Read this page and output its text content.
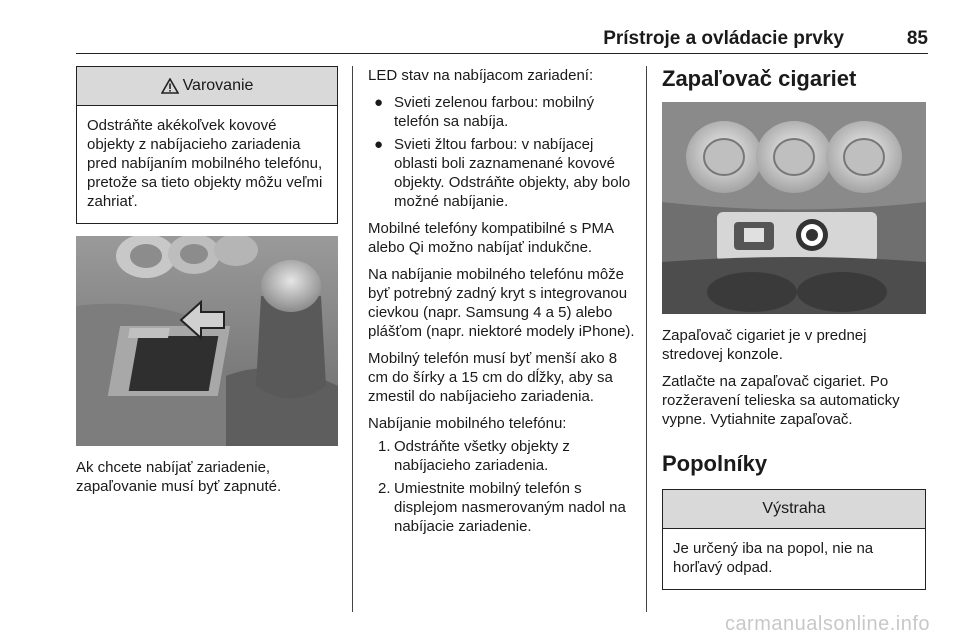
Prístroje a ovládacie prvky	85
Varovanie
Odstráňte akékoľvek kovové objekty z nabíjacieho zariadenia pred nabíjaním mobilného telefónu, pretože sa tieto objekty môžu veľmi zahriať.

Ak chcete nabíjať zariadenie, zapaľovanie musí byť zapnuté.

LED stav na nabíjacom zariadení:

● Svieti zelenou farbou: mobilný telefón sa nabíja.
● Svieti žltou farbou: v nabíjacej oblasti boli zaznamenané kovové objekty. Odstráňte objekty, aby bolo možné nabíjanie.

Mobilné telefóny kompatibilné s PMA alebo Qi možno nabíjať indukčne.

Na nabíjanie mobilného telefónu môže byť potrebný zadný kryt s integrovanou cievkou (napr. Samsung 4 a 5) alebo plášťom (napr. niektoré modely iPhone).

Mobilný telefón musí byť menší ako 8 cm do šírky a 15 cm do dĺžky, aby sa zmestil do nabíjacieho zariadenia.

Nabíjanie mobilného telefónu:

1. Odstráňte všetky objekty z nabíjacieho zariadenia.
2. Umiestnite mobilný telefón s displejom nasmerovaným nadol na nabíjacie zariadenie.
Zapaľovač cigariet

Zapaľovač cigariet je v prednej stredovej konzole.

Zatlačte na zapaľovač cigariet. Po rozžeravení telieska sa automaticky vypne. Vytiahnite zapaľovač.

Popolníky
Výstraha
Je určený iba na popol, nie na horľavý odpad.
carmanualsonline.info
